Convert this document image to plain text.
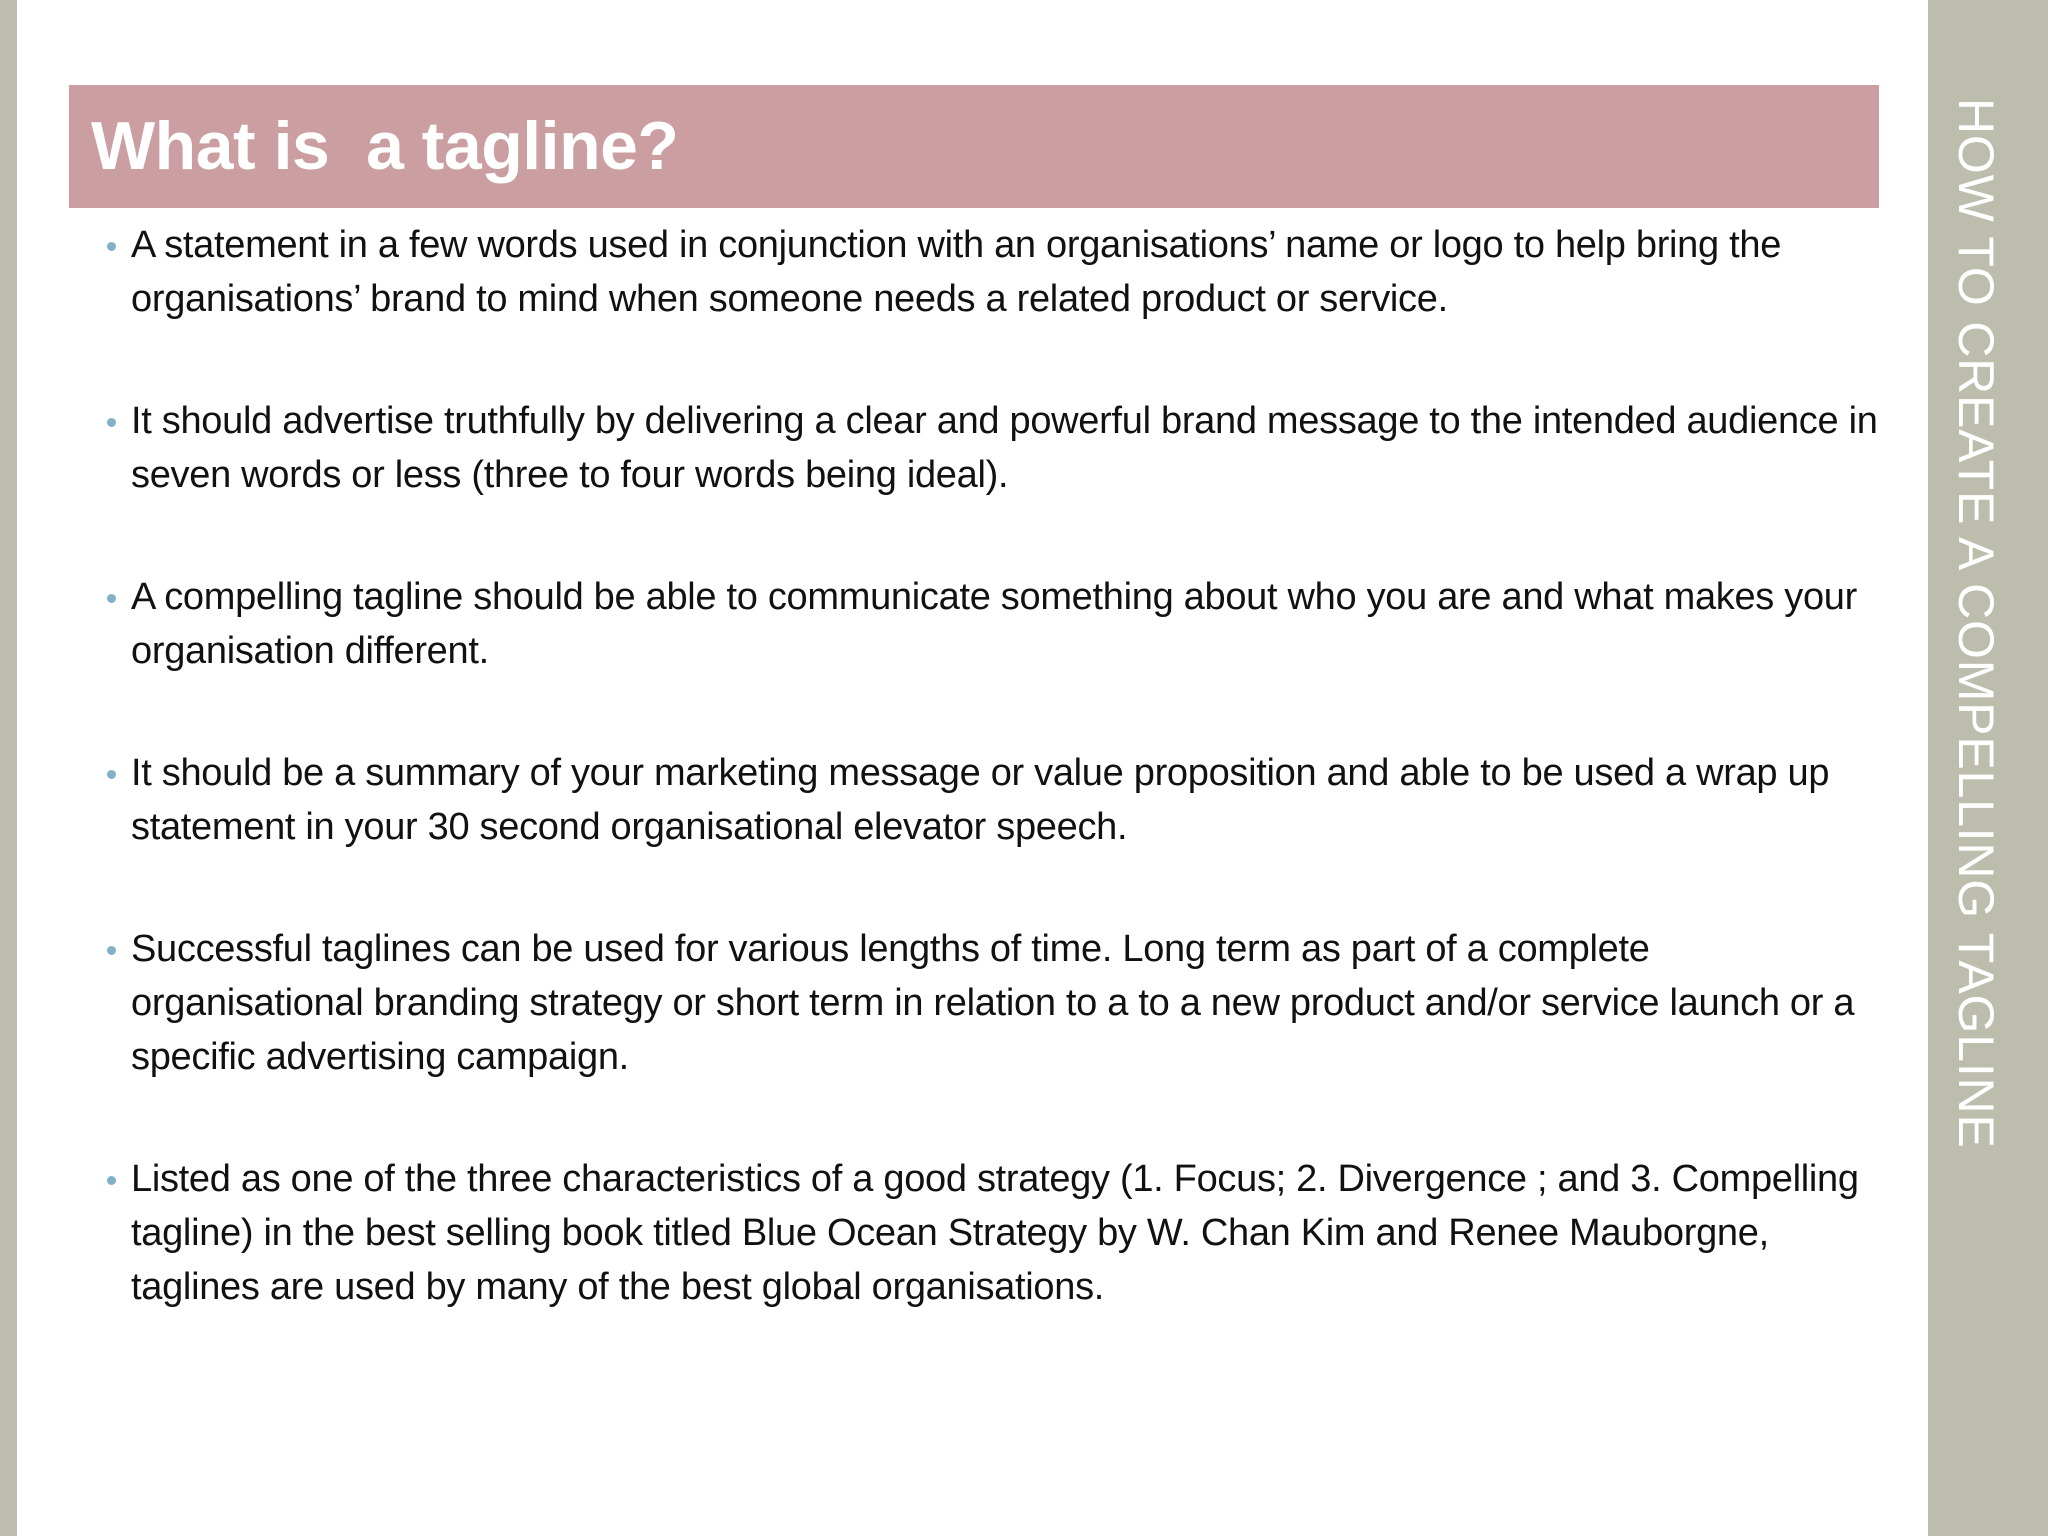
What is  a tagline?
A statement in a few words used in conjunction with an organisations’ name or logo to help bring the organisations’ brand to mind when someone needs a related product or service.
It should advertise truthfully by delivering a clear and powerful brand message to the intended audience in seven words or less (three to four words being ideal).
A compelling tagline should be able to communicate something about who you are and what makes your organisation different.
It should be a summary of your marketing message or value proposition and able to be used a wrap up statement in your 30 second organisational elevator speech.
Successful taglines can be used for various lengths of time. Long term as part of a complete organisational branding strategy or short term in relation to a to a new product and/or service launch or a specific advertising campaign.
Listed as one of the three characteristics of a good strategy (1. Focus; 2. Divergence ; and 3. Compelling tagline) in the best selling book titled Blue Ocean Strategy by W. Chan Kim and Renee Mauborgne, taglines are used by many of the best global organisations.
HOW TO CREATE A COMPELLING TAGLINE
